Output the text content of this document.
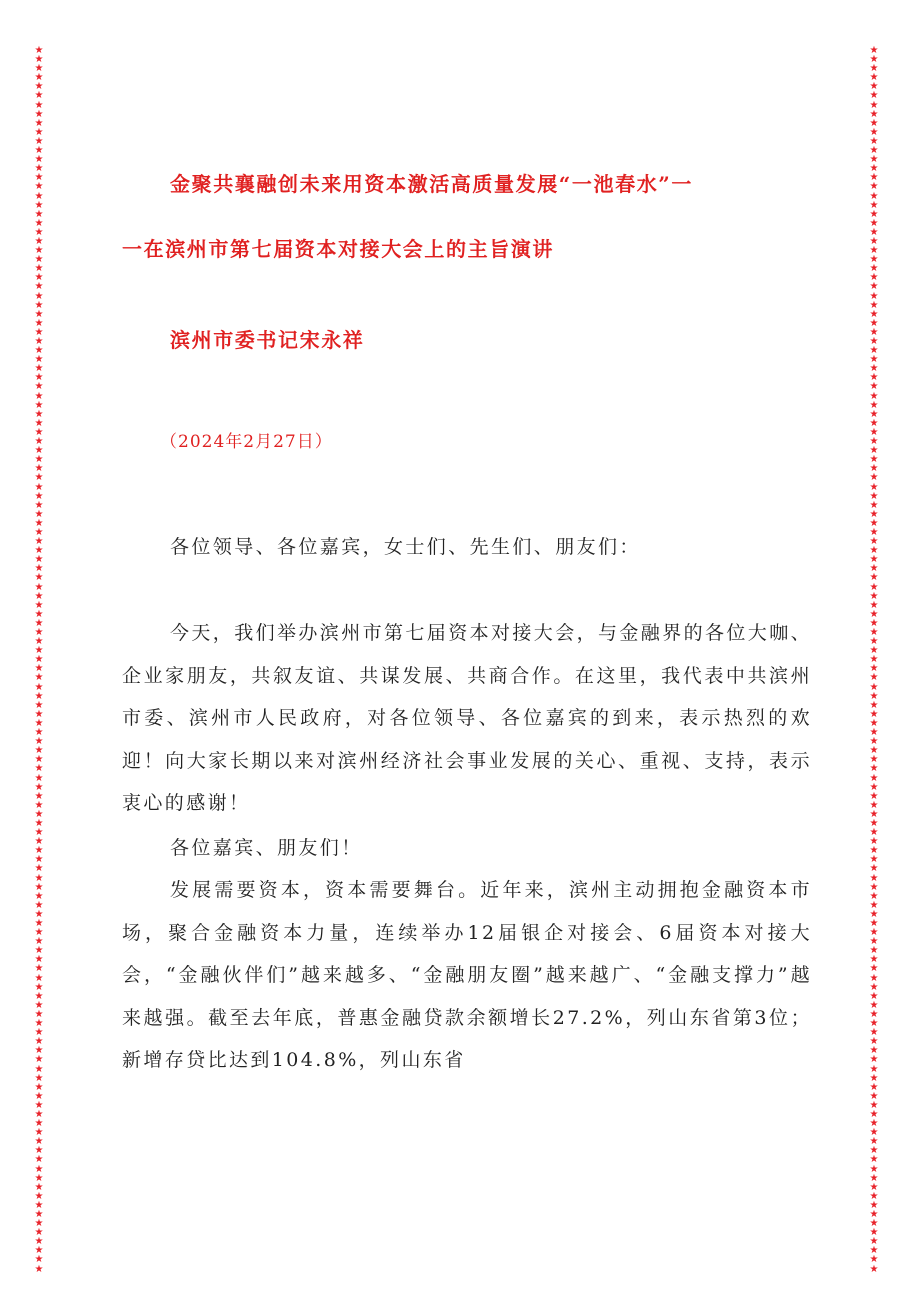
★★★★★★★★★★★★★★★★★★★★★★★★★★★★★★★★★★★★★★★★★★★★★★★★★★★★★★★★★★★★★★★★★★★★★★★★★★★★★★★★★★★★★★★★★★★★★★★★★★★★★★★★★★★★★★★★★★★★★★★★★★★★★★★★★★★★★★★
★★★★★★★★★★★★★★★★★★★★★★★★★★★★★★★★★★★★★★★★★★★★★★★★★★★★★★★★★★★★★★★★★★★★★★★★★★★★★★★★★★★★★★★★★★★★★★★★★★★★★★★★★★★★★★★★★★★★★★★★★★★★★★★★★★★★★★★
金聚共襄融创未来用资本激活高质量发展“一池春水”一
一在滨州市第七届资本对接大会上的主旨演讲

滨州市委书记宋永祥

（2024年2月27日）

各位领导、各位嘉宾，女士们、先生们、朋友们：

今天，我们举办滨州市第七届资本对接大会，与金融界的各位大咖、企业家朋友，共叙友谊、共谋发展、共商合作。在这里，我代表中共滨州市委、滨州市人民政府，对各位领导、各位嘉宾的到来，表示热烈的欢迎！向大家长期以来对滨州经济社会事业发展的关心、重视、支持，表示衷心的感谢！

各位嘉宾、朋友们！

发展需要资本，资本需要舞台。近年来，滨州主动拥抱金融资本市场，聚合金融资本力量，连续举办12届银企对接会、6届资本对接大会，“金融伙伴们”越来越多、“金融朋友圈”越来越广、“金融支撑力”越来越强。截至去年底，普惠金融贷款余额增长27.2%，列山东省第3位；新增存贷比达到104.8%，列山东省
